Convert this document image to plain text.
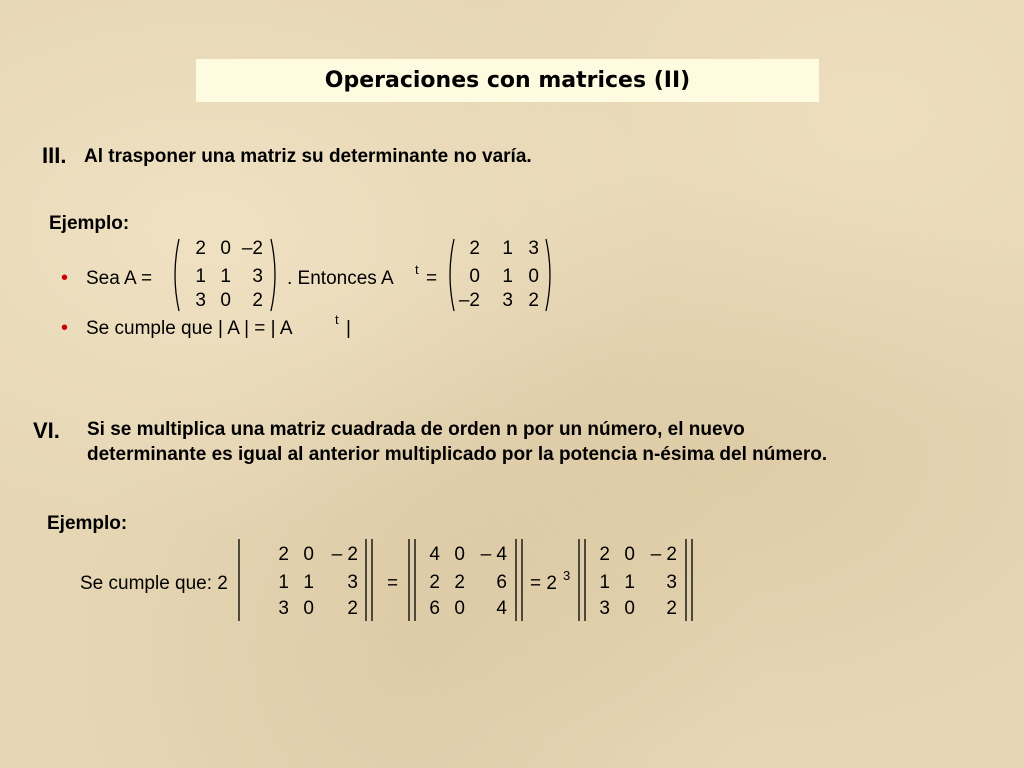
Operaciones con matrices (II)
III. Al trasponer una matriz su determinante no varía.
Ejemplo:
• Sea A =
2 0 –2
1 1	3
3 0	2
. Entonces A t =
2	1 3
0	1 0
–2	3 2
• Se cumple que | A | = | A	t |
VI. Si se multiplica una matriz cuadrada de orden n por un número, el nuevo
determinante es igual al anterior multiplicado por la potencia n-ésima del número.
Ejemplo:
Se cumple que: 2
2 0 – 2
1 1	3
3 0	2
=
4 0 – 4
2 2	6
6 0	4
= 2 3
2 0 – 2
1 1	3
3 0	2
